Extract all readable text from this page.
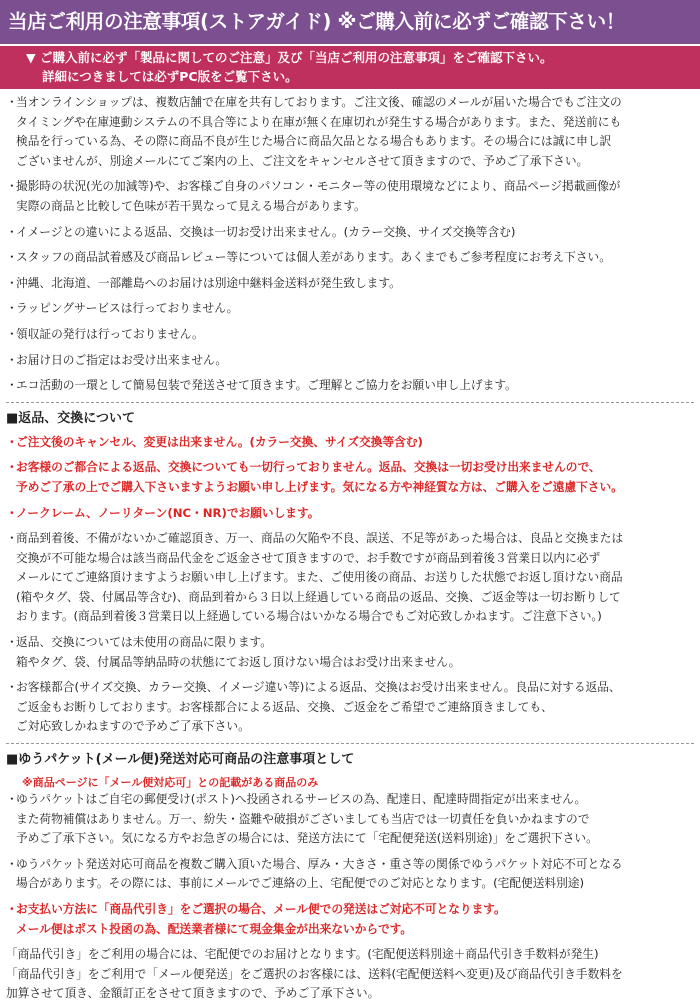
当店ご利用の注意事項(ストアガイド) ※ご購入前に必ずご確認下さい！
▼ ご購入前に必ず「製品に関してのご注意」及び「当店ご利用の注意事項」をご確認下さい。
詳細につきましては必ずPC版をご覧下さい。
・
当オンラインショップは、複数店舗で在庫を共有しております。ご注文後、確認のメールが届いた場合でもご注文の
タイミングや在庫連動システムの不具合等により在庫が無く在庫切れが発生する場合があります。また、発送前にも
検品を行っている為、その際に商品不良が生じた場合に商品欠品となる場合もあります。その場合には誠に申し訳
ございませんが、別途メールにてご案内の上、ご注文をキャンセルさせて頂きますので、予めご了承下さい。
・
撮影時の状況(光の加減等)や、お客様ご自身のパソコン・モニター等の使用環境などにより、商品ページ掲載画像が
実際の商品と比較して色味が若干異なって見える場合があります。
・
イメージとの違いによる返品、交換は一切お受け出来ません。(カラー交換、サイズ交換等含む)
・
スタッフの商品試着感及び商品レビュー等については個人差があります。あくまでもご参考程度にお考え下さい。
・
沖縄、北海道、一部離島へのお届けは別途中継料金送料が発生致します。
・
ラッピングサービスは行っておりません。
・
領収証の発行は行っておりません。
・
お届け日のご指定はお受け出来ません。
・
エコ活動の一環として簡易包装で発送させて頂きます。ご理解とご協力をお願い申し上げます。
■返品、交換について
・
ご注文後のキャンセル、変更は出来ません。(カラー交換、サイズ交換等含む)
・
お客様のご都合による返品、交換についても一切行っておりません。返品、交換は一切お受け出来ませんので、
予めご了承の上でご購入下さいますようお願い申し上げます。気になる方や神経質な方は、ご購入をご遠慮下さい。
・
ノークレーム、ノーリターン(NC・NR)でお願いします。
・
商品到着後、不備がないかご確認頂き、万一、商品の欠陥や不良、誤送、不足等があった場合は、良品と交換または
交換が不可能な場合は該当商品代金をご返金させて頂きますので、お手数ですが商品到着後３営業日以内に必ず
メールにてご連絡頂けますようお願い申し上げます。また、ご使用後の商品、お送りした状態でお返し頂けない商品
(箱やタグ、袋、付属品等含む)、商品到着から３日以上経過している商品の返品、交換、ご返金等は一切お断りして
おります。(商品到着後３営業日以上経過している場合はいかなる場合でもご対応致しかねます。ご注意下さい。)
・
返品、交換については未使用の商品に限ります。
箱やタグ、袋、付属品等納品時の状態にてお返し頂けない場合はお受け出来ません。
・
お客様都合(サイズ交換、カラー交換、イメージ違い等)による返品、交換はお受け出来ません。良品に対する返品、
ご返金もお断りしております。お客様都合による返品、交換、ご返金をご希望でご連絡頂きましても、
ご対応致しかねますので予めご了承下さい。
■ゆうパケット(メール便)発送対応可商品の注意事項として
※商品ページに「メール便対応可」との記載がある商品のみ
・
ゆうパケットはご自宅の郵便受け(ポスト)へ投函されるサービスの為、配達日、配達時間指定が出来ません。
また荷物補償はありません。万一、紛失・盗難や破損がございましても当店では一切責任を負いかねますので
予めご了承下さい。気になる方やお急ぎの場合には、発送方法にて「宅配便発送(送料別途)」をご選択下さい。
・
ゆうパケット発送対応可商品を複数ご購入頂いた場合、厚み・大きさ・重さ等の関係でゆうパケット対応不可となる
場合があります。その際には、事前にメールでご連絡の上、宅配便でのご対応となります。(宅配便送料別途)
・
お支払い方法に「商品代引き」をご選択の場合、メール便での発送はご対応不可となります。
メール便はポスト投函の為、配送業者様にて現金集金が出来ないからです。
「商品代引き」をご利用の場合には、宅配便でのお届けとなります。(宅配便送料別途＋商品代引き手数料が発生)
「商品代引き」をご利用で「メール便発送」をご選択のお客様には、送料(宅配便送料へ変更)及び商品代引き手数料を
加算させて頂き、金額訂正をさせて頂きますので、予めご了承下さい。
